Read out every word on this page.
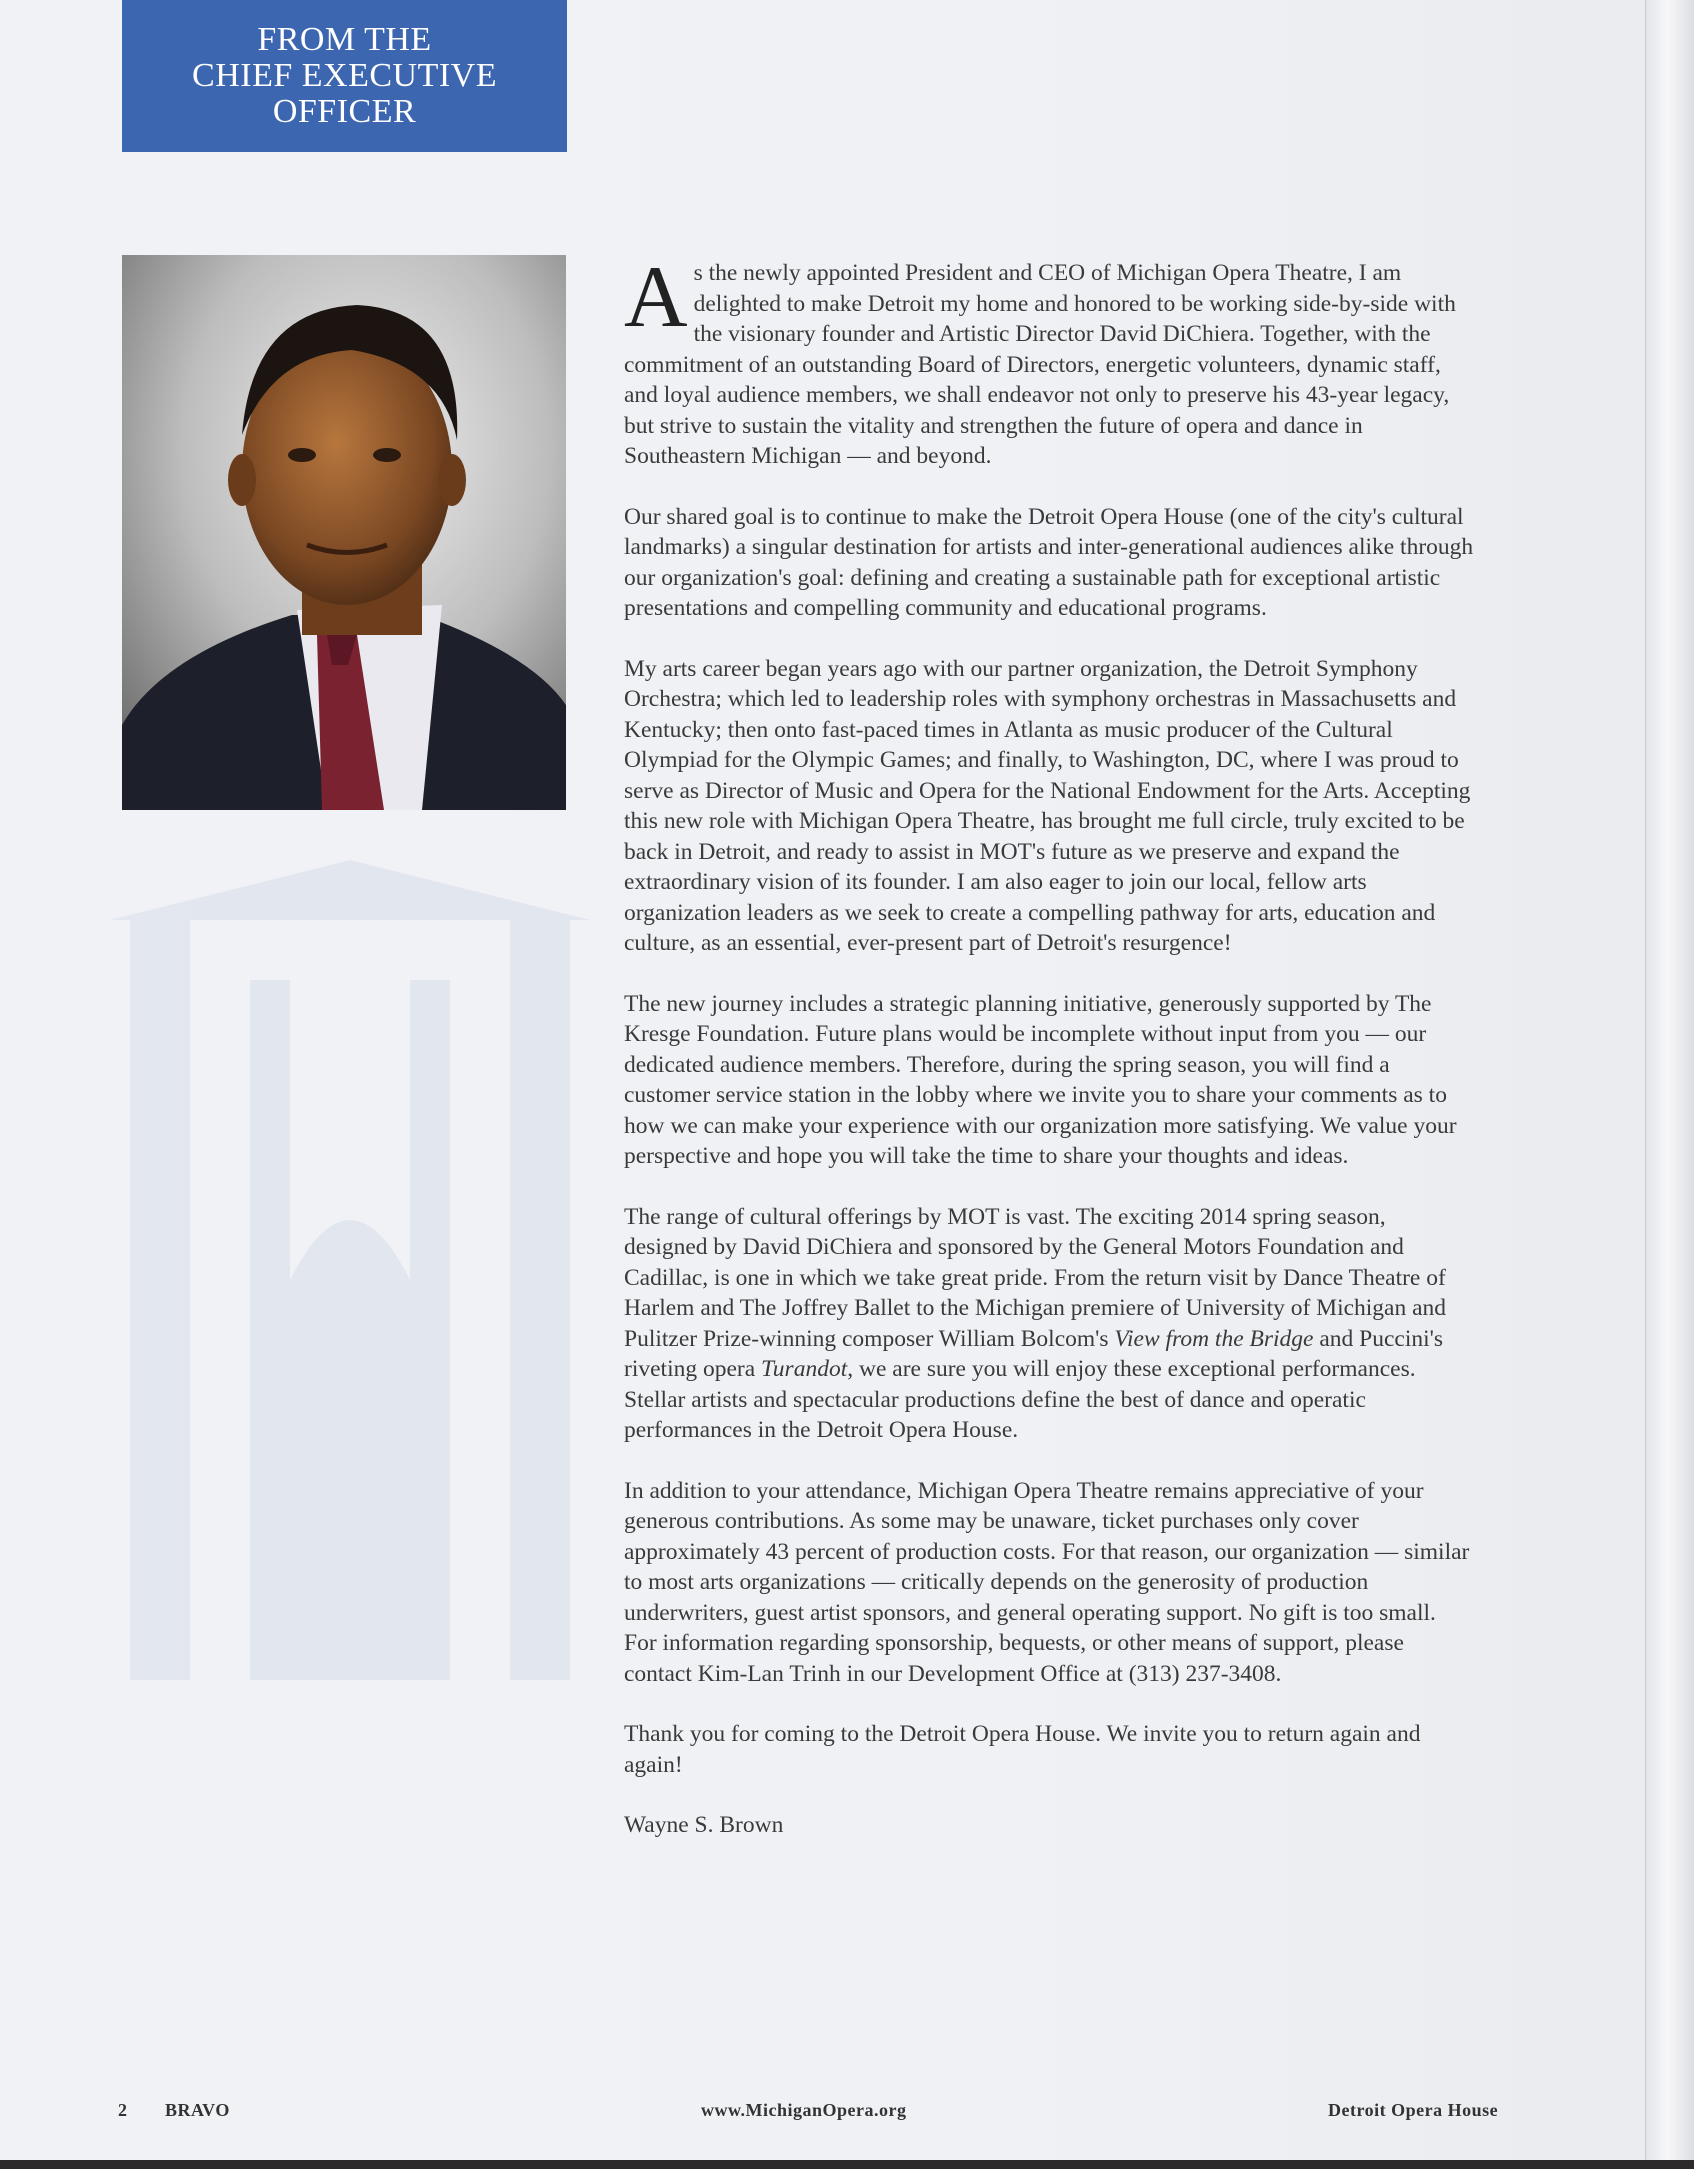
FROM THE
CHIEF EXECUTIVE
OFFICER

As the newly appointed President and CEO of Michigan Opera Theatre, I am delighted to make Detroit my home and honored to be working side-by-side with the visionary founder and Artistic Director David DiChiera. Together, with the commitment of an outstanding Board of Directors, energetic volunteers, dynamic staff, and loyal audience members, we shall endeavor not only to preserve his 43-year legacy, but strive to sustain the vitality and strengthen the future of opera and dance in Southeastern Michigan — and beyond.

Our shared goal is to continue to make the Detroit Opera House (one of the city's cultural landmarks) a singular destination for artists and inter-generational audiences alike through our organization's goal: defining and creating a sustainable path for exceptional artistic presentations and compelling community and educational programs.

My arts career began years ago with our partner organization, the Detroit Symphony Orchestra; which led to leadership roles with symphony orchestras in Massachusetts and Kentucky; then onto fast-paced times in Atlanta as music producer of the Cultural Olympiad for the Olympic Games; and finally, to Washington, DC, where I was proud to serve as Director of Music and Opera for the National Endowment for the Arts. Accepting this new role with Michigan Opera Theatre, has brought me full circle, truly excited to be back in Detroit, and ready to assist in MOT's future as we preserve and expand the extraordinary vision of its founder. I am also eager to join our local, fellow arts organization leaders as we seek to create a compelling pathway for arts, education and culture, as an essential, ever-present part of Detroit's resurgence!

The new journey includes a strategic planning initiative, generously supported by The Kresge Foundation. Future plans would be incomplete without input from you — our dedicated audience members. Therefore, during the spring season, you will find a customer service station in the lobby where we invite you to share your comments as to how we can make your experience with our organization more satisfying. We value your perspective and hope you will take the time to share your thoughts and ideas.

The range of cultural offerings by MOT is vast. The exciting 2014 spring season, designed by David DiChiera and sponsored by the General Motors Foundation and Cadillac, is one in which we take great pride. From the return visit by Dance Theatre of Harlem and The Joffrey Ballet to the Michigan premiere of University of Michigan and Pulitzer Prize-winning composer William Bolcom's View from the Bridge and Puccini's riveting opera Turandot, we are sure you will enjoy these exceptional performances. Stellar artists and spectacular productions define the best of dance and operatic performances in the Detroit Opera House.

In addition to your attendance, Michigan Opera Theatre remains appreciative of your generous contributions. As some may be unaware, ticket purchases only cover approximately 43 percent of production costs. For that reason, our organization — similar to most arts organizations — critically depends on the generosity of production underwriters, guest artist sponsors, and general operating support. No gift is too small. For information regarding sponsorship, bequests, or other means of support, please contact Kim-Lan Trinh in our Development Office at (313) 237-3408.

Thank you for coming to the Detroit Opera House. We invite you to return again and again!

Wayne S. Brown

2 BRAVO	www.MichiganOpera.org	Detroit Opera House
